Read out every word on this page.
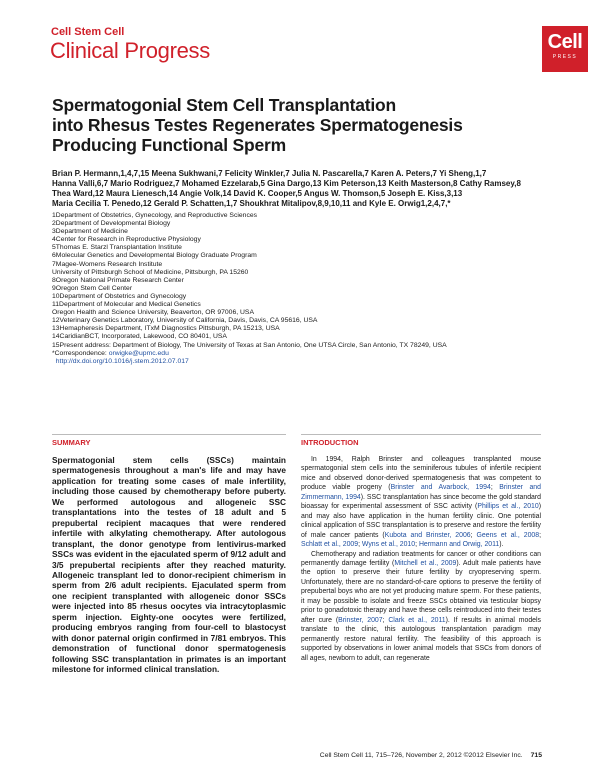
Cell Stem Cell
Clinical Progress	Cell
PRESS
Spermatogonial Stem Cell Transplantation
into Rhesus Testes Regenerates Spermatogenesis
Producing Functional Sperm
Brian P. Hermann,1,4,7,15 Meena Sukhwani,7 Felicity Winkler,7 Julia N. Pascarella,7 Karen A. Peters,7 Yi Sheng,1,7
Hanna Valli,6,7 Mario Rodriguez,7 Mohamed Ezzelarab,5 Gina Dargo,13 Kim Peterson,13 Keith Masterson,8 Cathy Ramsey,8
Thea Ward,12 Maura Lienesch,14 Angie Volk,14 David K. Cooper,5 Angus W. Thomson,5 Joseph E. Kiss,3,13
Maria Cecilia T. Penedo,12 Gerald P. Schatten,1,7 Shoukhrat Mitalipov,8,9,10,11 and Kyle E. Orwig1,2,4,7,*
1Department of Obstetrics, Gynecology, and Reproductive Sciences
2Department of Developmental Biology
3Department of Medicine
4Center for Research in Reproductive Physiology
5Thomas E. Starzl Transplantation Institute
6Molecular Genetics and Developmental Biology Graduate Program
7Magee-Womens Research Institute
University of Pittsburgh School of Medicine, Pittsburgh, PA 15260
8Oregon National Primate Research Center
9Oregon Stem Cell Center
10Department of Obstetrics and Gynecology
11Department of Molecular and Medical Genetics
Oregon Health and Science University, Beaverton, OR 97006, USA
12Veterinary Genetics Laboratory, University of California, Davis, Davis, CA 95616, USA
13Hemapheresis Department, ITxM Diagnostics Pittsburgh, PA 15213, USA
14CaridianBCT, Incorporated, Lakewood, CO 80401, USA
15Present address: Department of Biology, The University of Texas at San Antonio, One UTSA Circle, San Antonio, TX 78249, USA
*Correspondence: orwigke@upmc.edu
http://dx.doi.org/10.1016/j.stem.2012.07.017
SUMMARY	INTRODUCTION
Spermatogonial stem cells (SSCs) maintain spermatogenesis throughout a man's life and may have application for treating some cases of male infertility, including those caused by chemotherapy before puberty. We performed autologous and allogeneic SSC transplantations into the testes of 18 adult and 5 prepubertal recipient macaques that were rendered infertile with alkylating chemotherapy. After autologous transplant, the donor genotype from lentivirus-marked SSCs was evident in the ejaculated sperm of 9/12 adult and 3/5 prepubertal recipients after they reached maturity. Allogeneic transplant led to donor-recipient chimerism in sperm from 2/6 adult recipients. Ejaculated sperm from one recipient transplanted with allogeneic donor SSCs were injected into 85 rhesus oocytes via intracytoplasmic sperm injection. Eighty-one oocytes were fertilized, producing embryos ranging from four-cell to blastocyst with donor paternal origin confirmed in 7/81 embryos. This demonstration of functional donor spermatogenesis following SSC transplantation in primates is an important milestone for informed clinical translation.

In 1994, Ralph Brinster and colleagues transplanted mouse spermatogonial stem cells into the seminiferous tubules of infertile recipient mice and observed donor-derived spermatogenesis that was competent to produce viable progeny (Brinster and Avarbock, 1994; Brinster and Zimmermann, 1994). SSC transplantation has since become the gold standard bioassay for experimental assessment of SSC activity (Phillips et al., 2010) and may also have application in the human fertility clinic. One potential clinical application of SSC transplantation is to preserve and restore the fertility of male cancer patients (Kubota and Brinster, 2006; Geens et al., 2008; Schlatt et al., 2009; Wyns et al., 2010; Hermann and Orwig, 2011).

Chemotherapy and radiation treatments for cancer or other conditions can permanently damage fertility (Mitchell et al., 2009). Adult male patients have the option to preserve their future fertility by cryopreserving sperm. Unfortunately, there are no standard-of-care options to preserve the fertility of prepubertal boys who are not yet producing mature sperm. For these patients, it may be possible to isolate and freeze SSCs obtained via testicular biopsy prior to gonadotoxic therapy and have these cells reintroduced into their testes after cure (Brinster, 2007; Clark et al., 2011). If results in animal models translate to the clinic, this autologous transplantation paradigm may permanently restore natural fertility. The feasibility of this approach is supported by observations in lower animal models that SSCs from donors of all ages, newborn to adult, can regenerate

Cell Stem Cell 11, 715–726, November 2, 2012 ©2012 Elsevier Inc. 715
